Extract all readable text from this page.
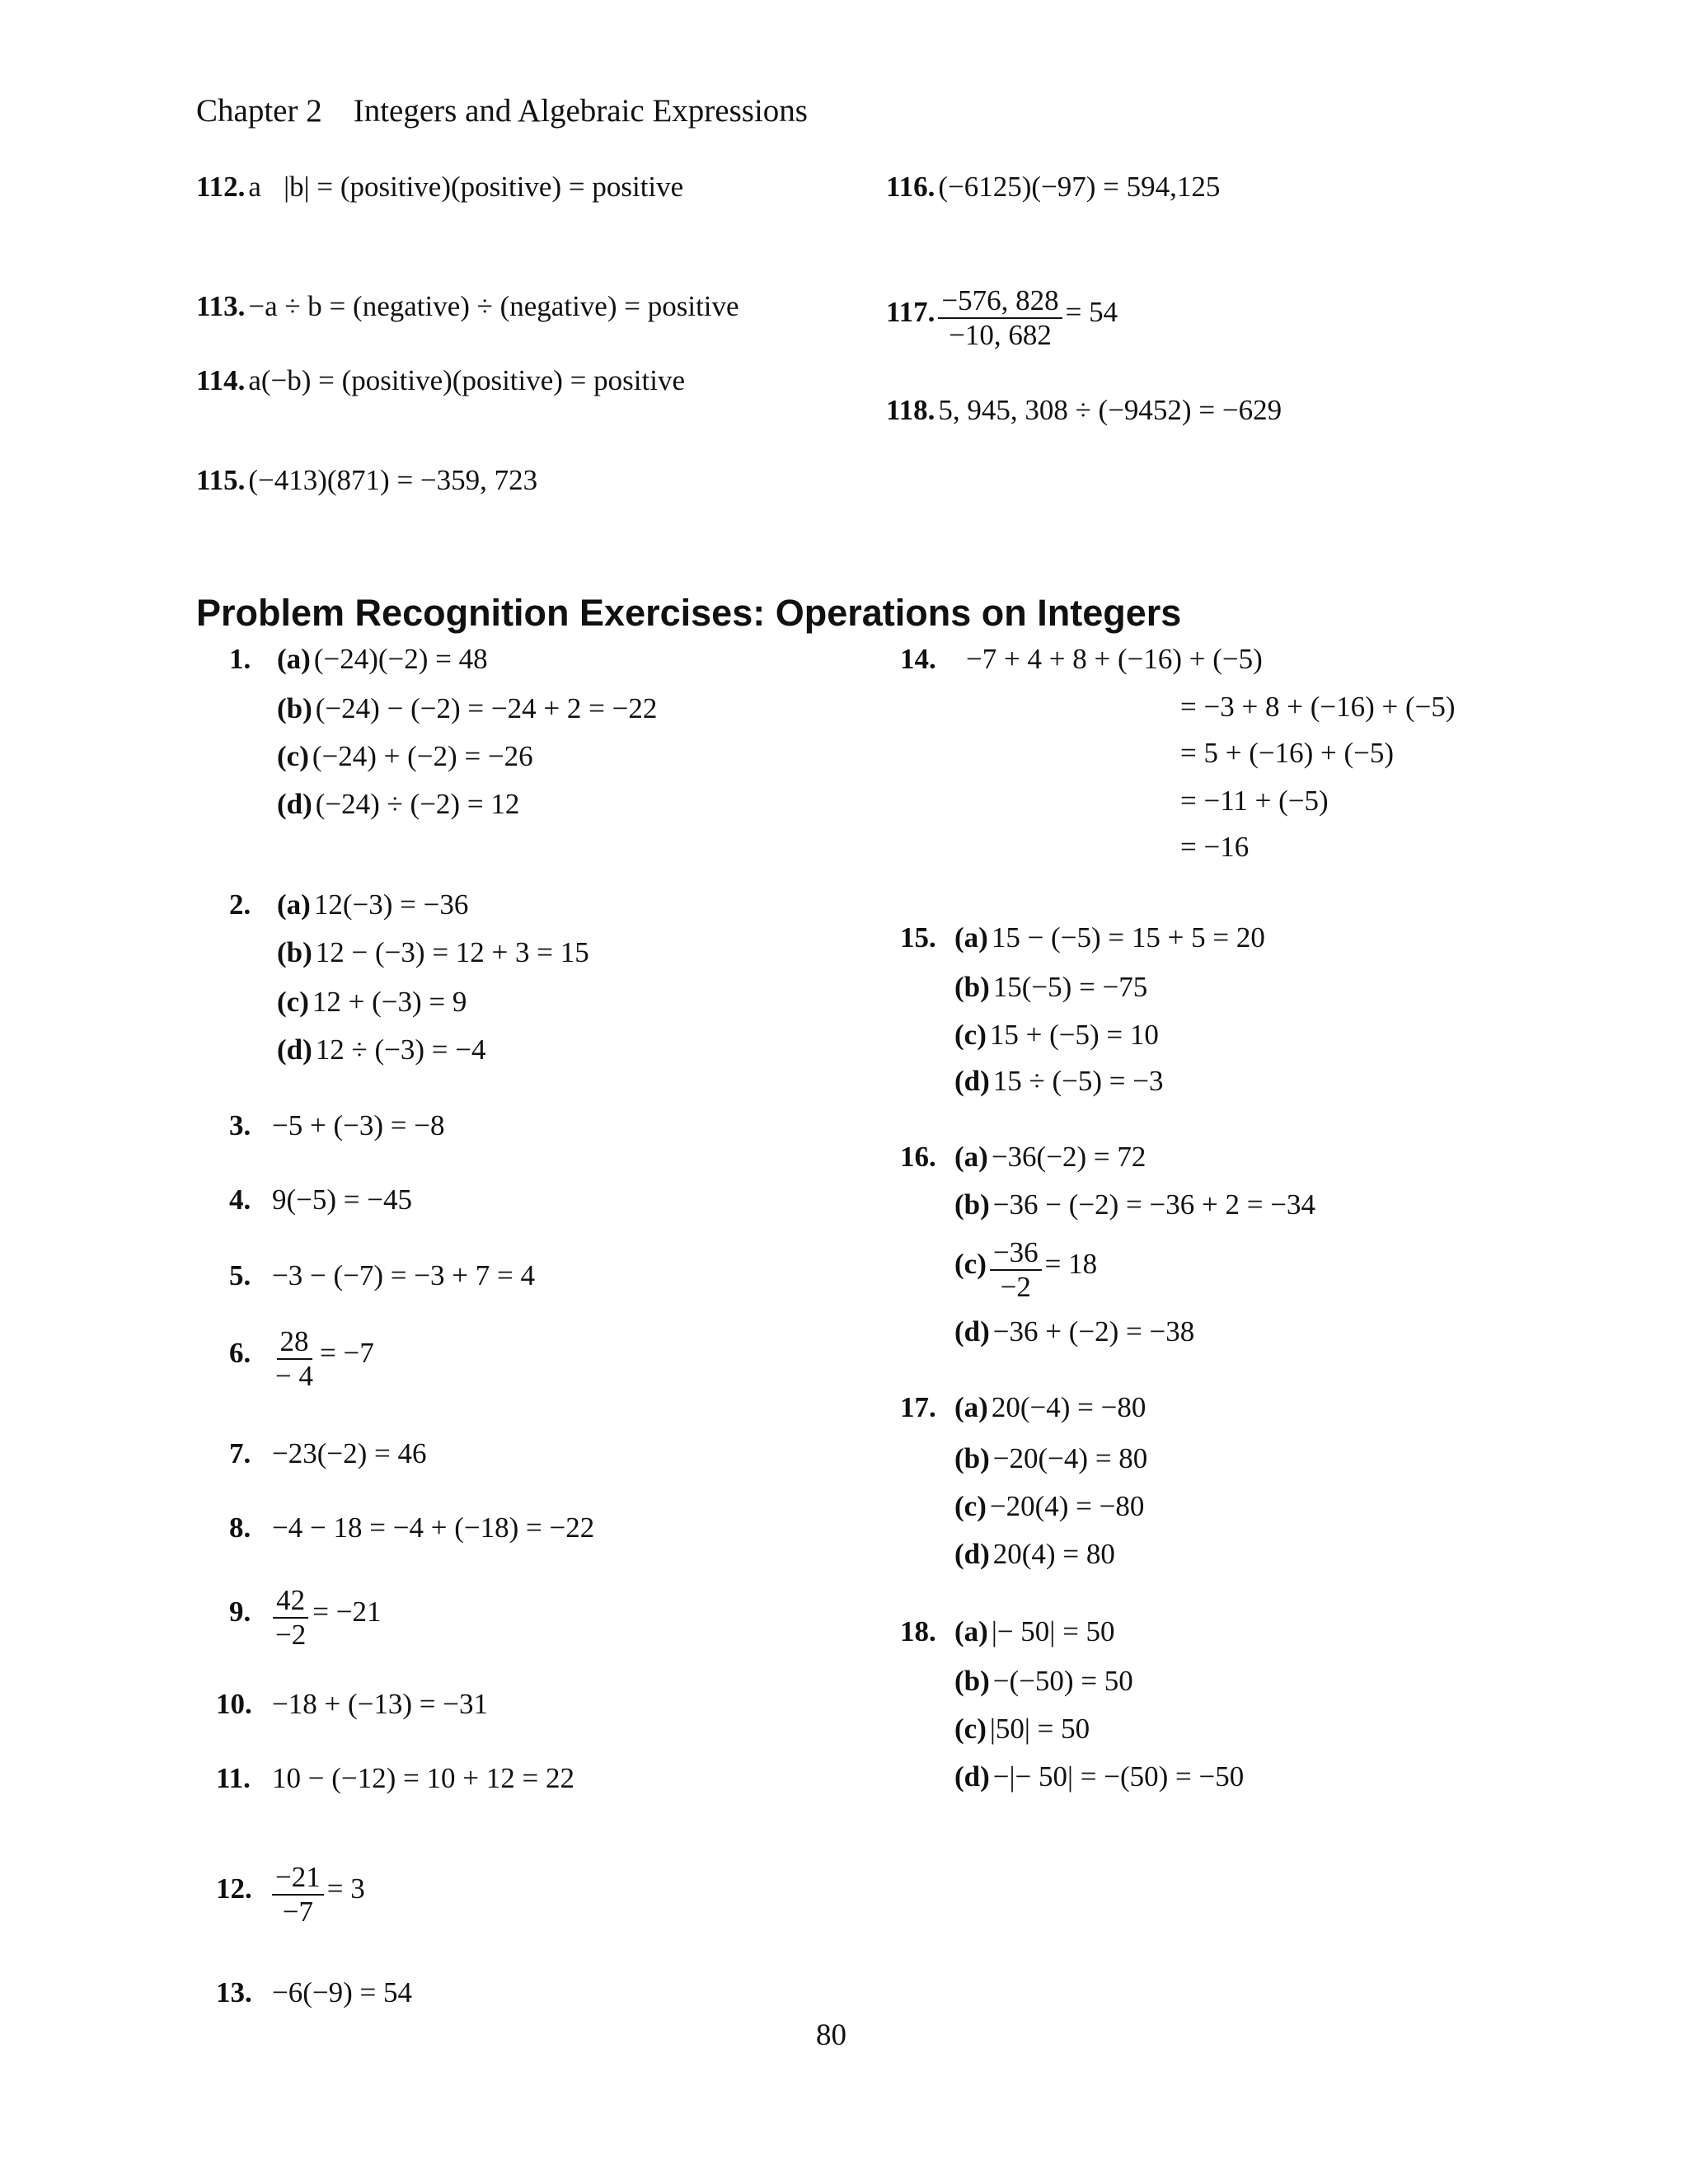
Chapter 2 Integers and Algebraic Expressions
112. a⃞|b| = (positive)(positive) = positive
113. −a ÷ b = (negative) ÷ (negative) = positive
114. a(−b) = (positive)(positive) = positive
115. (−413)(871) = −359, 723
116. (−6125)(−97) = 594,125
117. $\frac{-576, 828}{-10, 682} = 54$
118. 5, 945, 308 ÷ (−9452) = −629
Problem Recognition Exercises: Operations on Integers
1. (a) (−24)(−2) = 48
(b) (−24) − (−2) = −24 + 2 = −22
(c) (−24) + (−2) = −26
(d) (−24) ÷ (−2) = 12
2. (a) 12(−3) = −36
(b) 12 − (−3) = 12 + 3 = 15
(c) 12 + (−3) = 9
(d) 12 ÷ (−3) = −4
3. −5 + (−3) = −8
4. 9(−5) = −45
5. −3 − (−7) = −3 + 7 = 4
6. $\frac{28}{- 4} = -7$
7. −23(−2) = 46
8. −4 − 18 = −4 + (−18) = −22
9. $\frac{42}{-2} = -21$
10. −18 + (−13) = −31
11. 10 − (−12) = 10 + 12 = 22
12. $\frac{-21}{-7} = 3$
13. −6(−9) = 54
14. −7 + 4 + 8 + (−16) + (−5)
= −3 + 8 + (−16) + (−5)
= 5 + (−16) + (−5)
= −11 + (−5)
= −16
15. (a) 15 − (−5) = 15 + 5 = 20
(b) 15(−5) = −75
(c) 15 + (−5) = 10
(d) 15 ÷ (−5) = −3
16. (a) −36(−2) = 72
(b) −36 − (−2) = −36 + 2 = −34
$(c) \frac{-36}{-2} = 18$
(d) −36 + (−2) = −38
17. (a) 20(−4) = −80
(b) −20(−4) = 80
(c) −20(4) = −80
(d) 20(4) = 80
18. (a) |− 50| = 50
(b) −(−50) = 50
(c) |50| = 50
(d) −|− 50| = −(50) = −50
80
